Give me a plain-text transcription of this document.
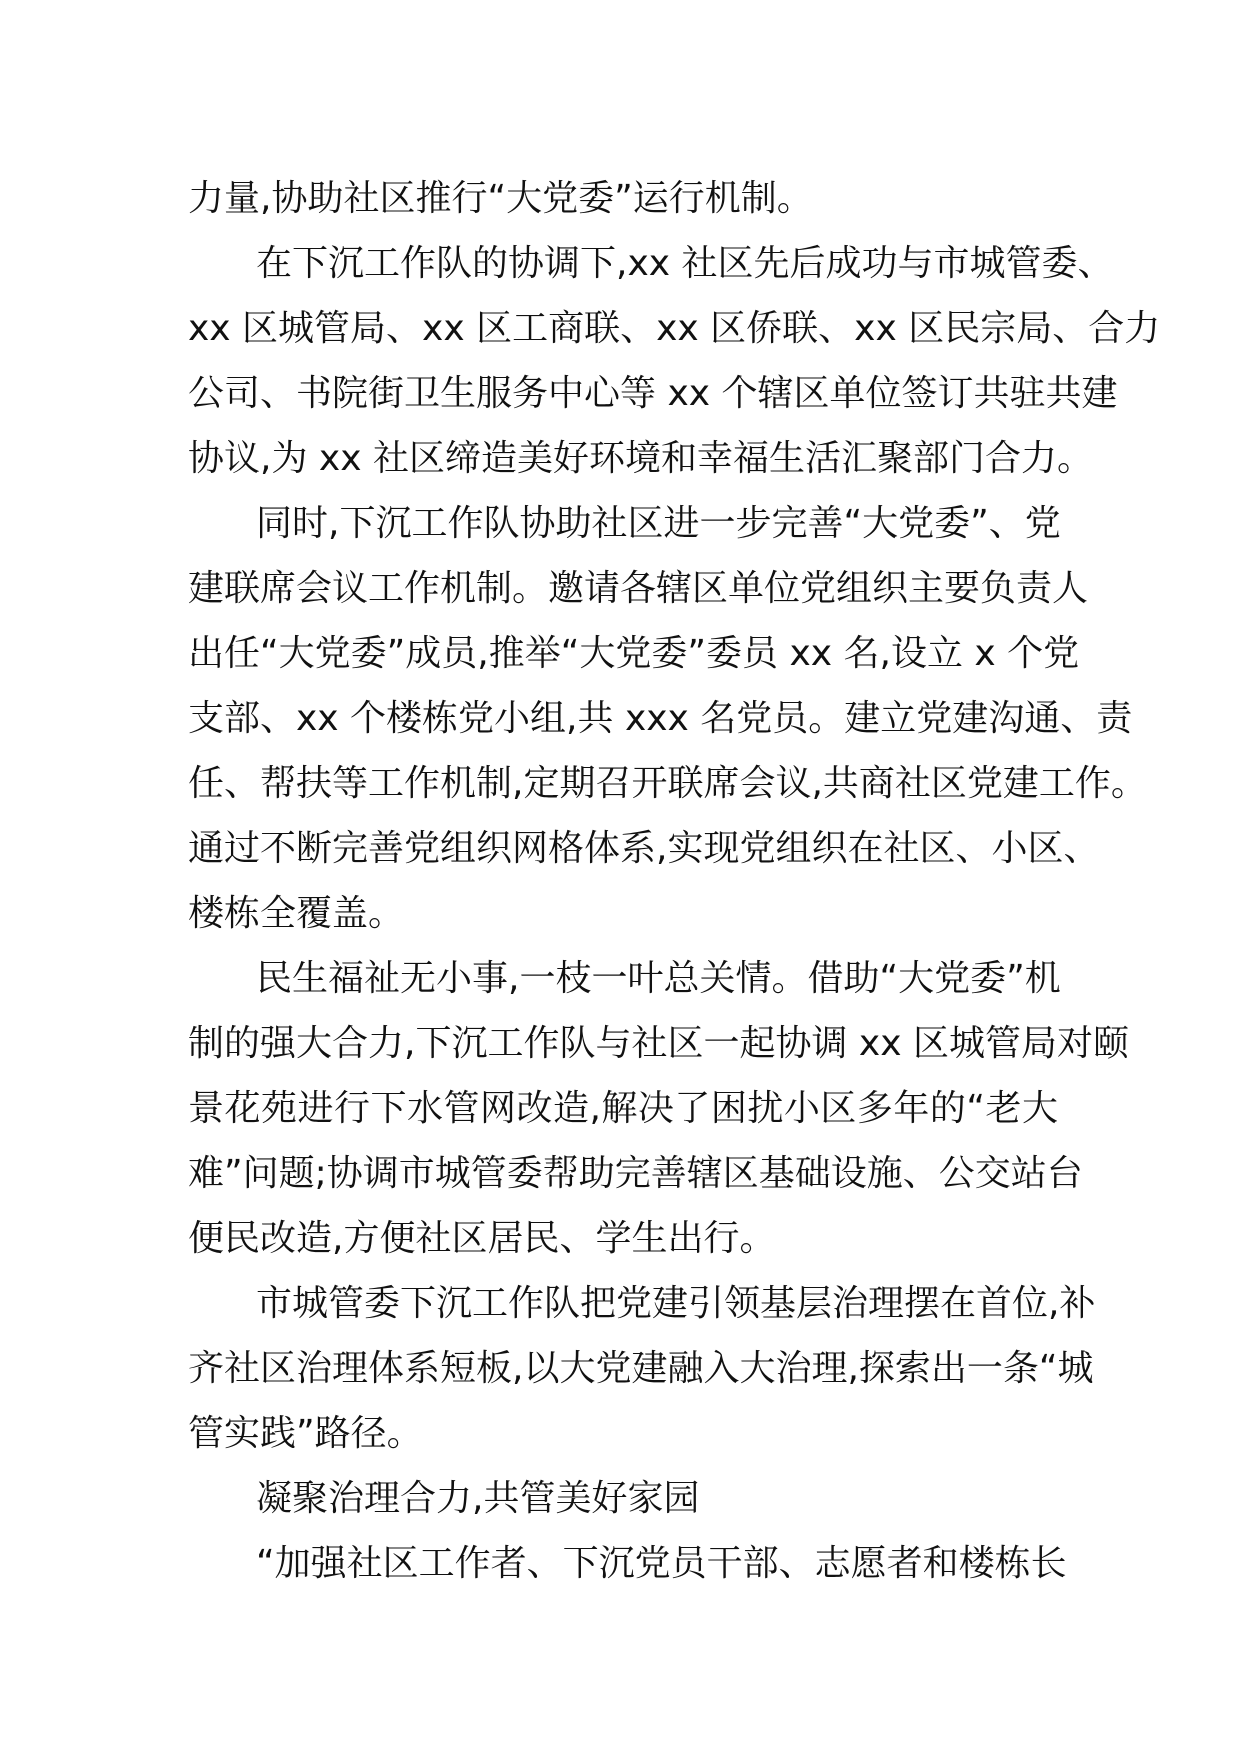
力量,协助社区推行“大党委”运行机制。
在下沉工作队的协调下,xx 社区先后成功与市城管委、
xx 区城管局、xx 区工商联、xx 区侨联、xx 区民宗局、合力
公司、书院街卫生服务中心等 xx 个辖区单位签订共驻共建
协议,为 xx 社区缔造美好环境和幸福生活汇聚部门合力。
同时,下沉工作队协助社区进一步完善“大党委”、党
建联席会议工作机制。邀请各辖区单位党组织主要负责人
出任“大党委”成员,推举“大党委”委员 xx 名,设立 x 个党
支部、xx 个楼栋党小组,共 xxx 名党员。建立党建沟通、责
任、帮扶等工作机制,定期召开联席会议,共商社区党建工作。
通过不断完善党组织网格体系,实现党组织在社区、小区、
楼栋全覆盖。
民生福祉无小事,一枝一叶总关情。借助“大党委”机
制的强大合力,下沉工作队与社区一起协调 xx 区城管局对颐
景花苑进行下水管网改造,解决了困扰小区多年的“老大
难”问题;协调市城管委帮助完善辖区基础设施、公交站台
便民改造,方便社区居民、学生出行。
市城管委下沉工作队把党建引领基层治理摆在首位,补
齐社区治理体系短板,以大党建融入大治理,探索出一条“城
管实践”路径。
凝聚治理合力,共管美好家园
“加强社区工作者、下沉党员干部、志愿者和楼栋长
